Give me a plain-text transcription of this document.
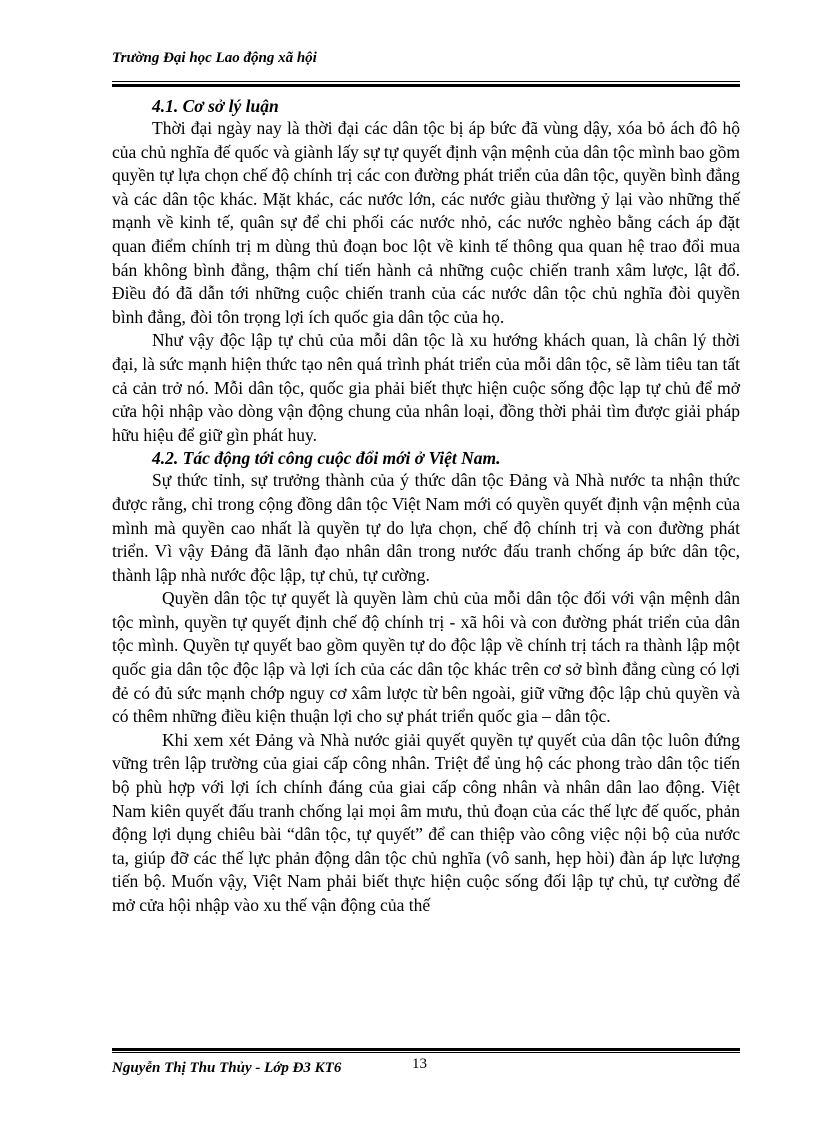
Trường Đại học Lao động xã hội
4.1. Cơ sở lý luận

Thời đại ngày nay là thời đại các dân tộc bị áp bức đã vùng dậy, xóa bỏ ách đô hộ của chủ nghĩa đế quốc và giành lấy sự tự quyết định vận mệnh của dân tộc mình bao gồm quyền tự lựa chọn chế độ chính trị các con đường phát triển của dân tộc, quyền bình đẳng và các dân tộc khác. Mặt khác, các nước lớn, các nước giàu thường ỷ lại vào những thế mạnh về kinh tế, quân sự để chi phối các nước nhỏ, các nước nghèo bằng cách áp đặt quan điểm chính trị m dùng thủ đoạn boc lột về kinh tế thông qua quan hệ trao đổi mua bán không bình đẳng, thậm chí tiến hành cả những cuộc chiến tranh xâm lược, lật đổ. Điều đó đã dẫn tới những cuộc chiến tranh của các nước dân tộc chủ nghĩa đòi quyền bình đẳng, đòi tôn trọng lợi ích quốc gia dân tộc của họ.

Như vậy độc lập tự chủ của mỗi dân tộc là xu hướng khách quan, là chân lý thời đại, là sức mạnh hiện thức tạo nên quá trình phát triển của mỗi dân tộc, sẽ làm tiêu tan tất cả cản trở nó. Mỗi dân tộc, quốc gia phải biết thực hiện cuộc sống độc lạp tự chủ để mở cửa hội nhập vào dòng vận động chung của nhân loại, đồng thời phải tìm được giải pháp hữu hiệu để giữ gìn phát huy.

4.2. Tác động tới công cuộc đổi mới ở Việt Nam.

Sự thức tỉnh, sự trưởng thành của ý thức dân tộc Đảng và Nhà nước ta nhận thức được rằng, chỉ trong cộng đồng dân tộc Việt Nam mới có quyền quyết định vận mệnh của mình mà quyền cao nhất là quyền tự do lựa chọn, chế độ chính trị và con đường phát triển. Vì vậy Đảng đã lãnh đạo nhân dân trong nước đấu tranh chống áp bức dân tộc, thành lập nhà nước độc lập, tự chủ, tự cường.

Quyền dân tộc tự quyết là quyền làm chủ của mỗi dân tộc đối với vận mệnh dân tộc mình, quyền tự quyết định chế độ chính trị - xã hôi và con đường phát triển của dân tộc mình. Quyền tự quyết bao gồm quyền tự do độc lập về chính trị tách ra thành lập một quốc gia dân tộc độc lập và lợi ích của các dân tộc khác trên cơ sở bình đẳng cùng có lợi đẻ có đủ sức mạnh chớp nguy cơ xâm lược từ bên ngoài, giữ vững độc lập chủ quyền và có thêm những điều kiện thuận lợi cho sự phát triển quốc gia – dân tộc.

Khi xem xét Đảng và Nhà nước giải quyết quyền tự quyết của dân tộc luôn đứng vững trên lập trường của giai cấp công nhân. Triệt để ủng hộ các phong trào dân tộc tiến bộ phù hợp với lợi ích chính đáng của giai cấp công nhân và nhân dân lao động. Việt Nam kiên quyết đấu tranh chống lại mọi âm mưu, thủ đoạn của các thế lực đế quốc, phản động lợi dụng chiêu bài “dân tộc, tự quyết” để can thiệp vào công việc nội bộ của nước ta, giúp đỡ các thế lực phản động dân tộc chủ nghĩa (vô sanh, hẹp hòi) đàn áp lực lượng tiến bộ. Muốn vậy, Việt Nam phải biết thực hiện cuộc sống đối lập tự chủ, tự cường để mở cửa hội nhập vào xu thế vận động của thế

Nguyễn Thị Thu Thủy - Lớp Đ3 KT6	13
